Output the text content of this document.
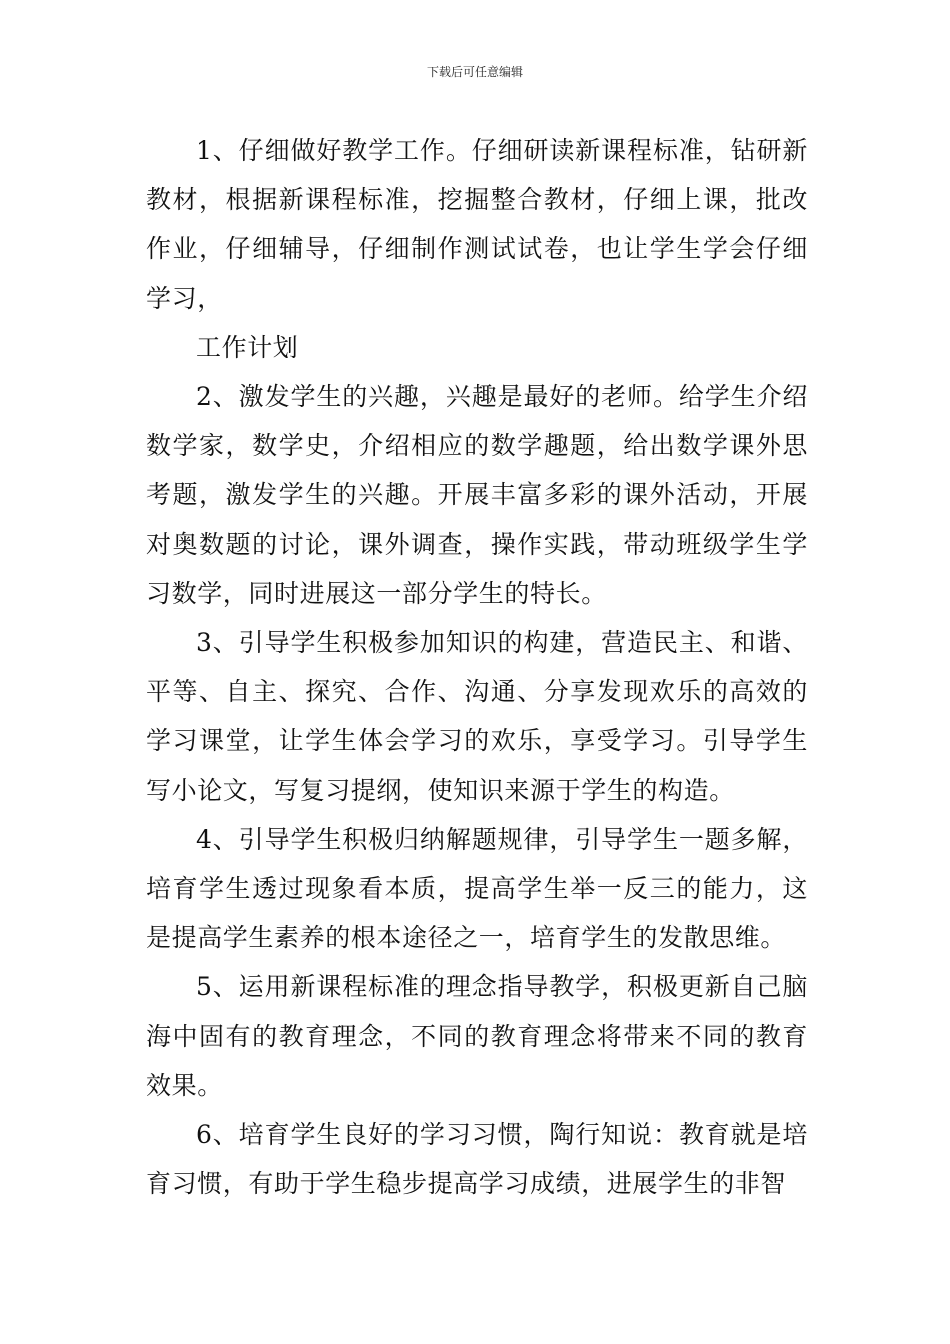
下载后可任意编辑

1、仔细做好教学工作。仔细研读新课程标准，钻研新教材，根据新课程标准，挖掘整合教材，仔细上课，批改作业，仔细辅导，仔细制作测试试卷，也让学生学会仔细学习，

工作计划

2、激发学生的兴趣，兴趣是最好的老师。给学生介绍数学家，数学史，介绍相应的数学趣题，给出数学课外思考题，激发学生的兴趣。开展丰富多彩的课外活动，开展对奥数题的讨论，课外调查，操作实践，带动班级学生学习数学，同时进展这一部分学生的特长。

3、引导学生积极参加知识的构建，营造民主、和谐、平等、自主、探究、合作、沟通、分享发现欢乐的高效的学习课堂，让学生体会学习的欢乐，享受学习。引导学生写小论文，写复习提纲，使知识来源于学生的构造。

4、引导学生积极归纳解题规律，引导学生一题多解，培育学生透过现象看本质，提高学生举一反三的能力，这是提高学生素养的根本途径之一，培育学生的发散思维。

5、运用新课程标准的理念指导教学，积极更新自己脑海中固有的教育理念，不同的教育理念将带来不同的教育效果。

6、培育学生良好的学习习惯，陶行知说：教育就是培育习惯，有助于学生稳步提高学习成绩，进展学生的非智
